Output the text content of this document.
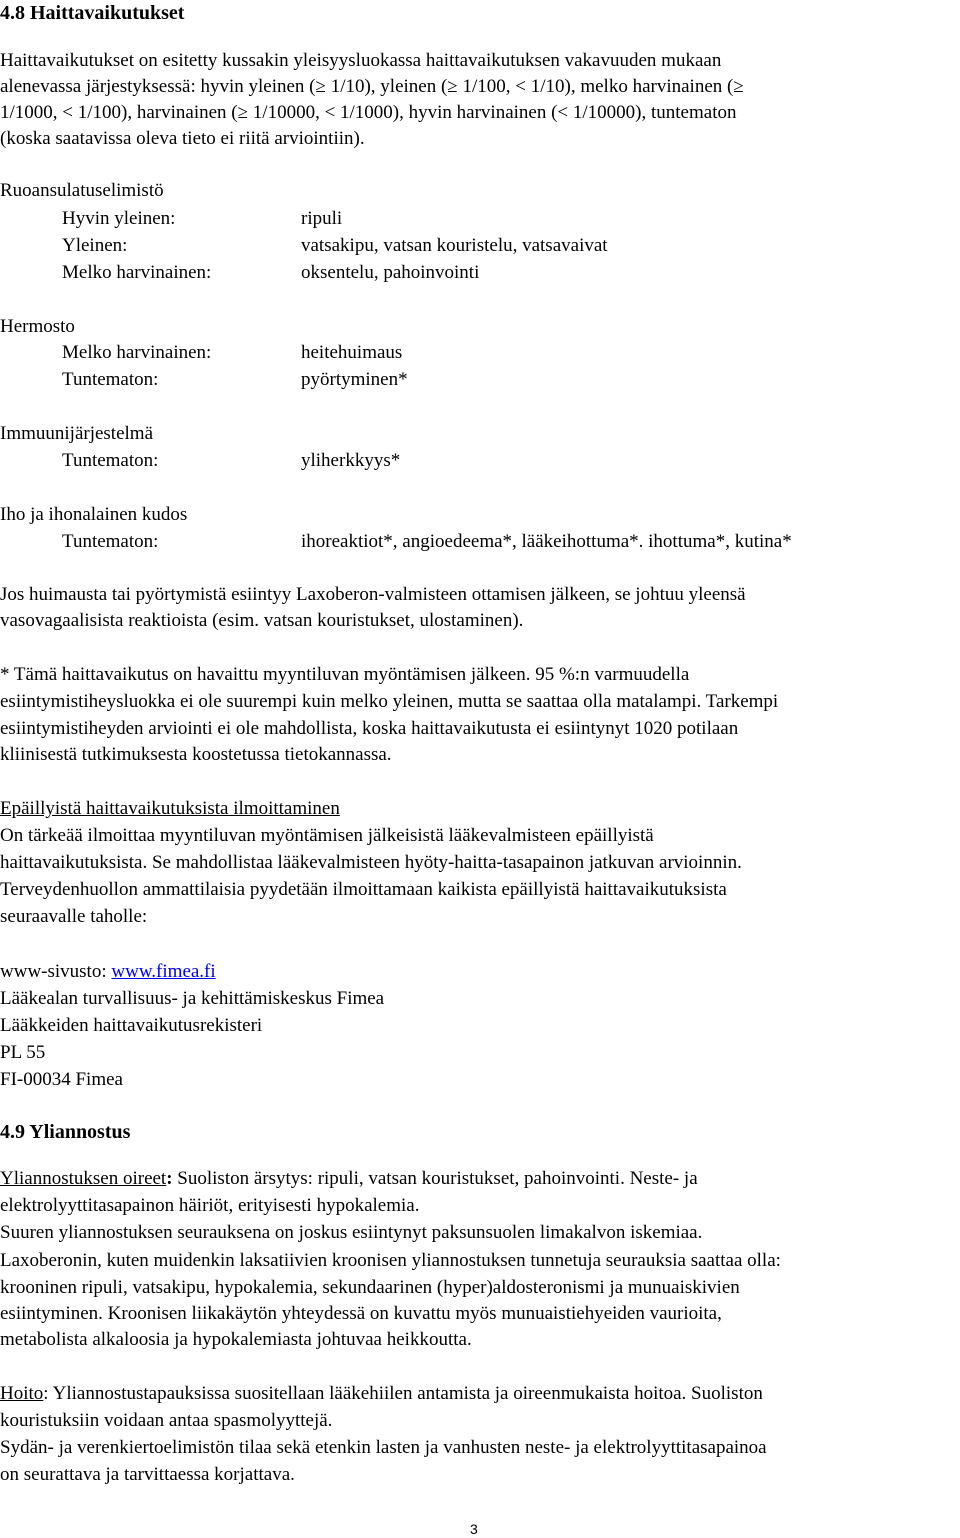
4.8 Haittavaikutukset
Haittavaikutukset on esitetty kussakin yleisyysluokassa haittavaikutuksen vakavuuden mukaan
alenevassa järjestyksessä: hyvin yleinen (≥ 1/10), yleinen (≥ 1/100, < 1/10), melko harvinainen (≥
1/1000, < 1/100), harvinainen (≥ 1/10000, < 1/1000), hyvin harvinainen (< 1/10000), tuntematon
(koska saatavissa oleva tieto ei riitä arviointiin).
Ruoansulatuselimistö
Hyvin yleinen:	ripuli
Yleinen:	vatsakipu, vatsan kouristelu, vatsavaivat
Melko harvinainen:	oksentelu, pahoinvointi
Hermosto
Melko harvinainen:	heitehuimaus
Tuntematon:	pyörtyminen*
Immuunijärjestelmä
Tuntematon:	yliherkkyys*
Iho ja ihonalainen kudos
Tuntematon:	ihoreaktiot*, angioedeema*, lääkeihottuma*. ihottuma*, kutina*
Jos huimausta tai pyörtymistä esiintyy Laxoberon-valmisteen ottamisen jälkeen, se johtuu yleensä
vasovagaalisista reaktioista (esim. vatsan kouristukset, ulostaminen).
* Tämä haittavaikutus on havaittu myyntiluvan myöntämisen jälkeen. 95 %:n varmuudella
esiintymistiheysluokka ei ole suurempi kuin melko yleinen, mutta se saattaa olla matalampi. Tarkempi
esiintymistiheyden arviointi ei ole mahdollista, koska haittavaikutusta ei esiintynyt 1020 potilaan
kliinisestä tutkimuksesta koostetussa tietokannassa.
Epäillyistä haittavaikutuksista ilmoittaminen
On tärkeää ilmoittaa myyntiluvan myöntämisen jälkeisistä lääkevalmisteen epäillyistä
haittavaikutuksista. Se mahdollistaa lääkevalmisteen hyöty-haitta-tasapainon jatkuvan arvioinnin.
Terveydenhuollon ammattilaisia pyydetään ilmoittamaan kaikista epäillyistä haittavaikutuksista
seuraavalle taholle:
www-sivusto: www.fimea.fi
Lääkealan turvallisuus- ja kehittämiskeskus Fimea
Lääkkeiden haittavaikutusrekisteri
PL 55
FI-00034 Fimea
4.9 Yliannostus
Yliannostuksen oireet: Suoliston ärsytys: ripuli, vatsan kouristukset, pahoinvointi. Neste- ja
elektrolyyttitasapainon häiriöt, erityisesti hypokalemia.
Suuren yliannostuksen seurauksena on joskus esiintynyt paksunsuolen limakalvon iskemiaa.
Laxoberonin, kuten muidenkin laksatiivien kroonisen yliannostuksen tunnetuja seurauksia saattaa olla:
krooninen ripuli, vatsakipu, hypokalemia, sekundaarinen (hyper)aldosteronismi ja munuaiskivien
esiintyminen. Kroonisen liikakäytön yhteydessä on kuvattu myös munuaistiehyeiden vaurioita,
metabolista alkaloosia ja hypokalemiasta johtuvaa heikkoutta.
Hoito: Yliannostustapauksissa suositellaan lääkehiilen antamista ja oireenmukaista hoitoa. Suoliston
kouristuksiin voidaan antaa spasmolyyttejä.
Sydän- ja verenkiertoelimistön tilaa sekä etenkin lasten ja vanhusten neste- ja elektrolyyttitasapainoa
on seurattava ja tarvittaessa korjattava.
3
